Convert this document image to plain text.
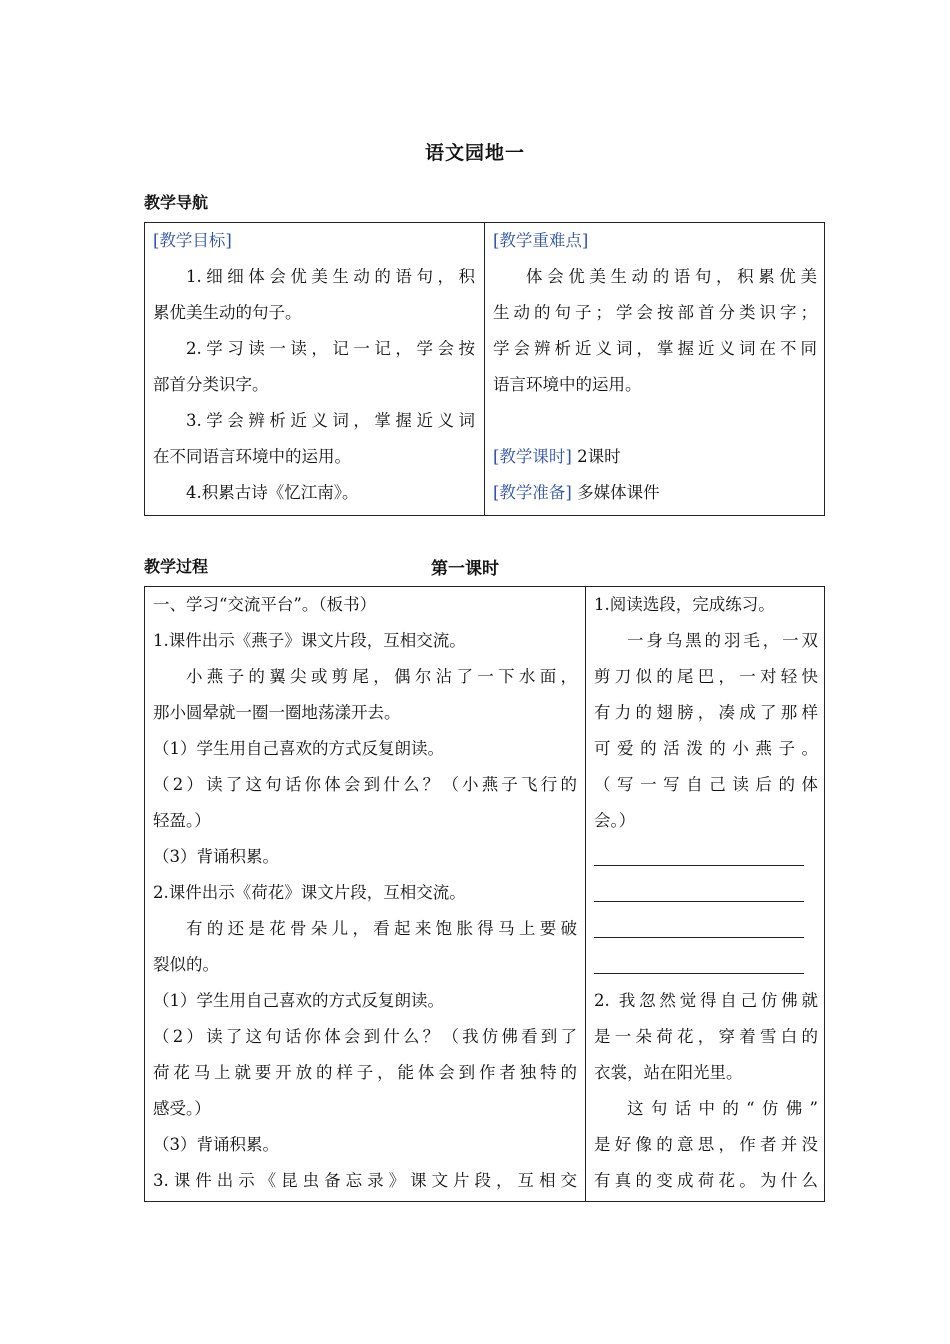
语文园地一
教学导航

[教学目标]

1.细细体会优美生动的语句，积

累优美生动的句子。

2.学习读一读，记一记，学会按

部首分类识字。

3.学会辨析近义词，掌握近义词

在不同语言环境中的运用。

4.积累古诗《忆江南》。

[教学重难点]

体会优美生动的语句，积累优美

生动的句子；学会按部首分类识字；

学会辨析近义词，掌握近义词在不同

语言环境中的运用。

[教学课时] 2课时

[教学准备] 多媒体课件

教学过程	第一课时

一、学习“交流平台”。（板书）

1.课件出示《燕子》课文片段，互相交流。

小燕子的翼尖或剪尾，偶尔沾了一下水面，

那小圆晕就一圈一圈地荡漾开去。

（1）学生用自己喜欢的方式反复朗读。

（2）读了这句话你体会到什么？（小燕子飞行的

轻盈。）

（3）背诵积累。

2.课件出示《荷花》课文片段，互相交流。

有的还是花骨朵儿，看起来饱胀得马上要破

裂似的。

（1）学生用自己喜欢的方式反复朗读。

（2）读了这句话你体会到什么？（我仿佛看到了

荷花马上就要开放的样子，能体会到作者独特的

感受。）

（3）背诵积累。

3.课件出示《昆虫备忘录》课文片段，互相交

1.阅读选段，完成练习。

一身乌黑的羽毛，一双

剪刀似的尾巴，一对轻快

有力的翅膀，凑成了那样

可爱的活泼的小燕子。

（写一写自己读后的体

会。）

2. 我忽然觉得自己仿佛就

是一朵荷花，穿着雪白的

衣裳，站在阳光里。

这句话中的“仿佛”

是好像的意思，作者并没

有真的变成荷花。为什么
